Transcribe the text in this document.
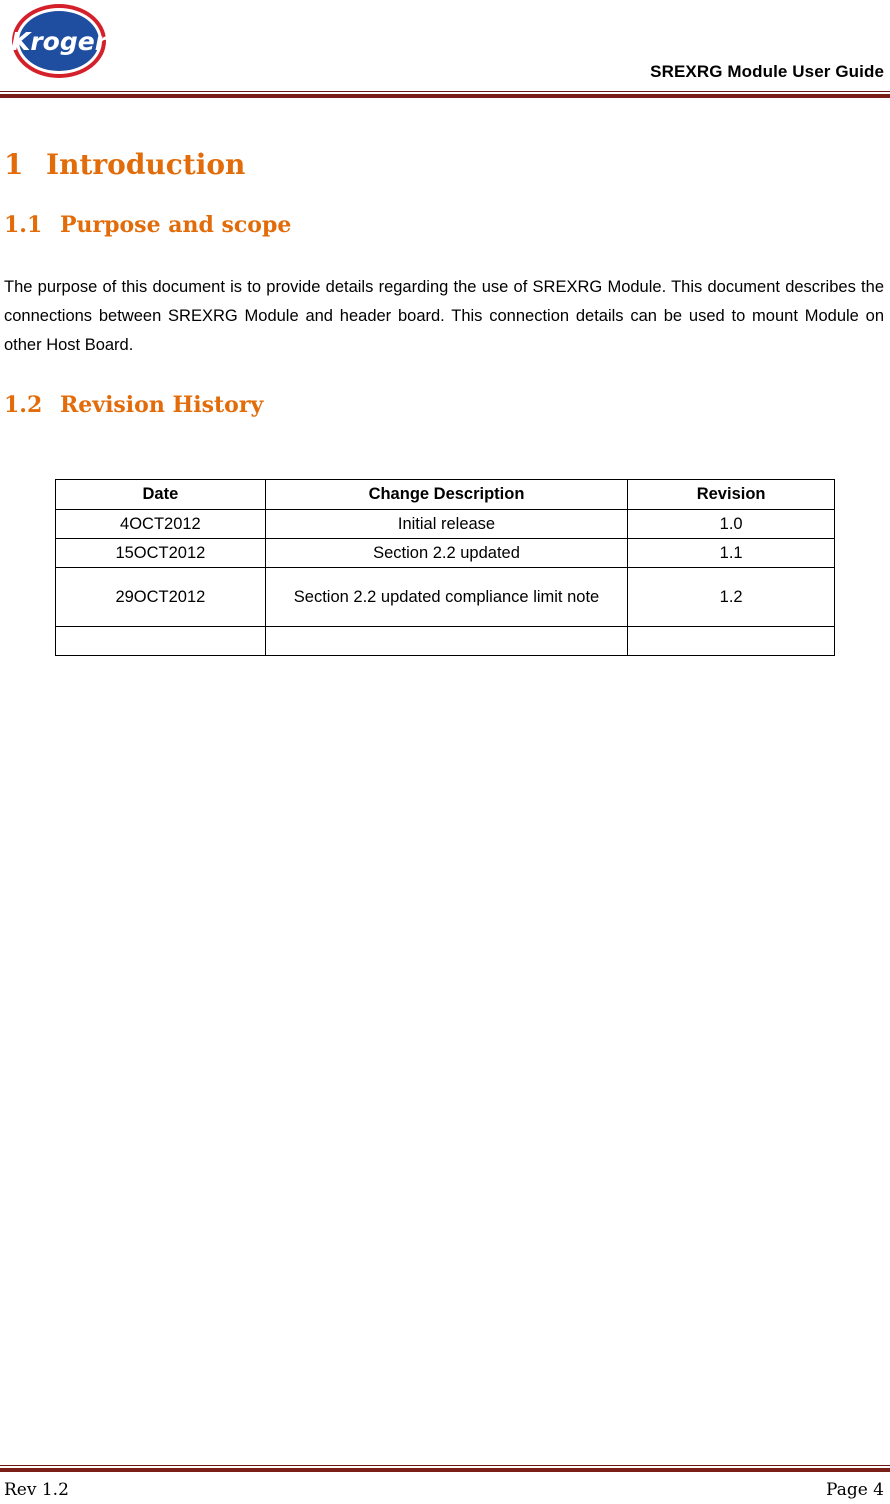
Kroger
SREXRG Module User Guide
1 Introduction
1.1 Purpose and scope
The purpose of this document is to provide details regarding the use of SREXRG Module. This document describes the connections between SREXRG Module and header board. This connection details can be used to mount Module on other Host Board.
1.2 Revision History
Date	Change Description	Revision
4OCT2012	Initial release	1.0
15OCT2012	Section 2.2 updated	1.1
29OCT2012	Section 2.2 updated compliance limit note	1.2

Rev 1.2	Page 4
